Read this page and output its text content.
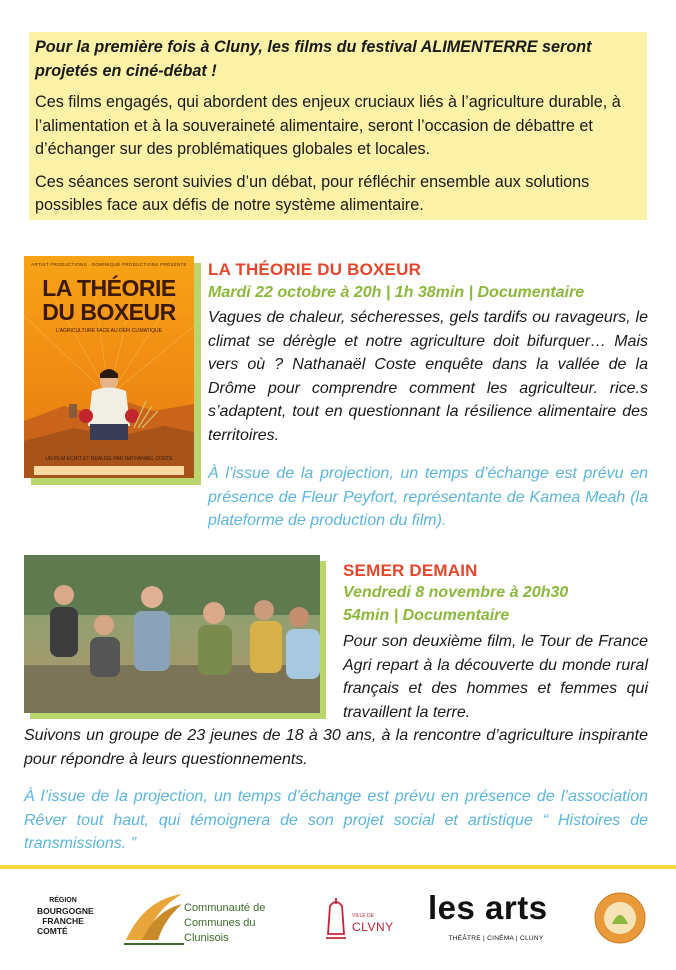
Pour la première fois à Cluny, les films du festival ALIMENTERRE seront projetés en ciné-débat !

Ces films engagés, qui abordent des enjeux cruciaux liés à l’agriculture durable, à l’alimentation et à la souveraineté alimentaire, seront l’occasion de débattre et d’échanger sur des problématiques globales et locales.

Ces séances seront suivies d’un débat, pour réfléchir ensemble aux solutions possibles face aux défis de notre système alimentaire.

ARTIST PRODUCTIONS · DOMINIQUE PRODUCTIONS PRÉSENTE
LA THÉORIE
DU BOXEUR
L’AGRICULTURE FACE AU DÉFI CLIMATIQUE
UN FILM ÉCRIT ET RÉALISÉ PAR NATHANAËL COSTE
LA THÉORIE DU BOXEUR
Mardi 22 octobre à 20h | 1h 38min | Documentaire
Vagues de chaleur, sécheresses, gels tardifs ou ravageurs, le climat se dérègle et notre agriculture doit bifurquer… Mais vers où ? Nathanaël Coste enquête dans la vallée de la Drôme pour comprendre comment les agriculteur. rice.s s’adaptent, tout en questionnant la résilience alimentaire des territoires.
À l’issue de la projection, un temps d’échange est prévu en présence de Fleur Peyfort, représentante de Kamea Meah (la plateforme de production du film).
SEMER DEMAIN
Vendredi 8 novembre à 20h30
54min | Documentaire
Pour son deuxième film, le Tour de France Agri repart à la découverte du monde rural français et des hommes et femmes qui travaillent la terre.
Suivons un groupe de 23 jeunes de 18 à 30 ans, à la rencontre d’agriculture inspirante pour répondre à leurs questionnements.
À l’issue de la projection, un temps d’échange est prévu en présence de l’association Rêver tout haut, qui témoignera de son projet social et artistique “ Histoires de transmissions. ”
RÉGION
BOURGOGNE
FRANCHE
COMTÉ
Communauté de
Communes du Clunisois
VILLE DE
CLVNY
les arts
THÉÂTRE | CINÉMA | CLUNY
